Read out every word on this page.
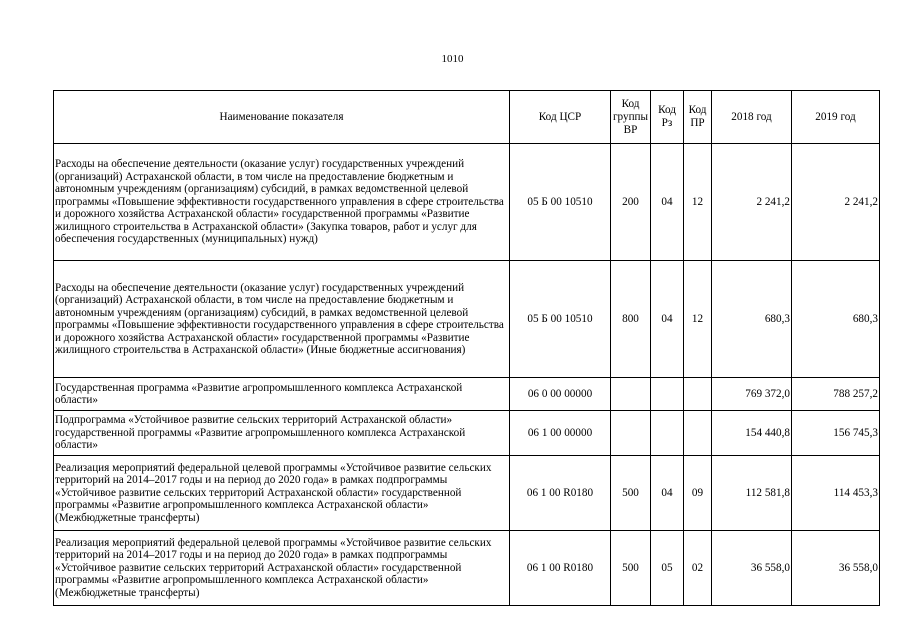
1010
Наименование показателя	Код ЦСР	Код группы ВР	Код Рз	Код ПР	2018 год	2019 год
Расходы на обеспечение деятельности (оказание услуг) государственных учреждений (организаций) Астраханской области, в том числе на предоставление бюджетным и автономным учреждениям (организациям) субсидий, в рамках ведомственной целевой программы «Повышение эффективности государственного управления в сфере строительства и дорожного хозяйства Астраханской области» государственной программы «Развитие жилищного строительства в Астраханской области» (Закупка товаров, работ и услуг для обеспечения государственных (муниципальных) нужд)	05 Б 00 10510	200	04	12	2 241,2	2 241,2
Расходы на обеспечение деятельности (оказание услуг) государственных учреждений (организаций) Астраханской области, в том числе на предоставление бюджетным и автономным учреждениям (организациям) субсидий, в рамках ведомственной целевой программы «Повышение эффективности государственного управления в сфере строительства и дорожного хозяйства Астраханской области» государственной программы «Развитие жилищного строительства в Астраханской области» (Иные бюджетные ассигнования)	05 Б 00 10510	800	04	12	680,3	680,3
Государственная программа «Развитие агропромышленного комплекса Астраханской области»	06 0 00 00000				769 372,0	788 257,2
Подпрограмма «Устойчивое развитие сельских территорий Астраханской области» государственной программы «Развитие агропромышленного комплекса Астраханской области»	06 1 00 00000				154 440,8	156 745,3
Реализация мероприятий федеральной целевой программы «Устойчивое развитие сельских территорий на 2014–2017 годы и на период до 2020 года» в рамках подпрограммы «Устойчивое развитие сельских территорий Астраханской области» государственной программы «Развитие агропромышленного комплекса Астраханской области» (Межбюджетные трансферты)	06 1 00 R0180	500	04	09	112 581,8	114 453,3
Реализация мероприятий федеральной целевой программы «Устойчивое развитие сельских территорий на 2014–2017 годы и на период до 2020 года» в рамках подпрограммы «Устойчивое развитие сельских территорий Астраханской области» государственной программы «Развитие агропромышленного комплекса Астраханской области» (Межбюджетные трансферты)	06 1 00 R0180	500	05	02	36 558,0	36 558,0
